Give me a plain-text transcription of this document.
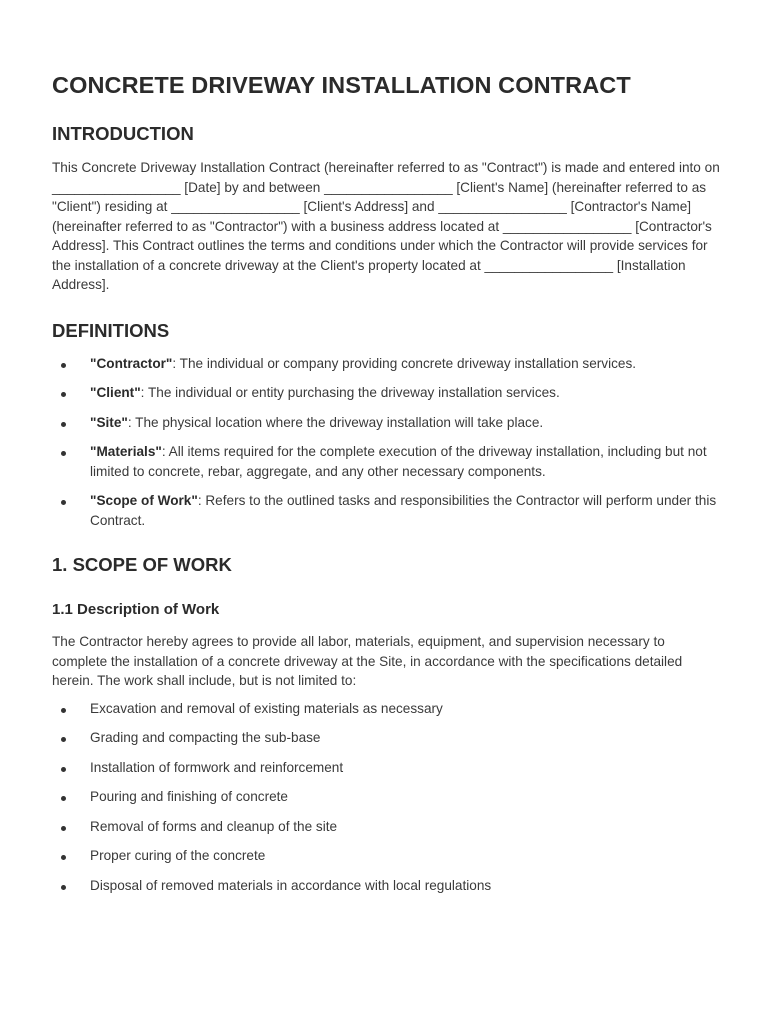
CONCRETE DRIVEWAY INSTALLATION CONTRACT
INTRODUCTION

This Concrete Driveway Installation Contract (hereinafter referred to as "Contract") is made and entered into on _________________ [Date] by and between _________________ [Client's Name] (hereinafter referred to as "Client") residing at _________________ [Client's Address] and _________________ [Contractor's Name] (hereinafter referred to as "Contractor") with a business address located at _________________ [Contractor's Address]. This Contract outlines the terms and conditions under which the Contractor will provide services for the installation of a concrete driveway at the Client's property located at _________________ [Installation Address].

DEFINITIONS
"Contractor": The individual or company providing concrete driveway installation services.
"Client": The individual or entity purchasing the driveway installation services.
"Site": The physical location where the driveway installation will take place.
"Materials": All items required for the complete execution of the driveway installation, including but not limited to concrete, rebar, aggregate, and any other necessary components.
"Scope of Work": Refers to the outlined tasks and responsibilities the Contractor will perform under this Contract.
1. SCOPE OF WORK
1.1 Description of Work

The Contractor hereby agrees to provide all labor, materials, equipment, and supervision necessary to complete the installation of a concrete driveway at the Site, in accordance with the specifications detailed herein. The work shall include, but is not limited to:

Excavation and removal of existing materials as necessary
Grading and compacting the sub-base
Installation of formwork and reinforcement
Pouring and finishing of concrete
Removal of forms and cleanup of the site
Proper curing of the concrete
Disposal of removed materials in accordance with local regulations
